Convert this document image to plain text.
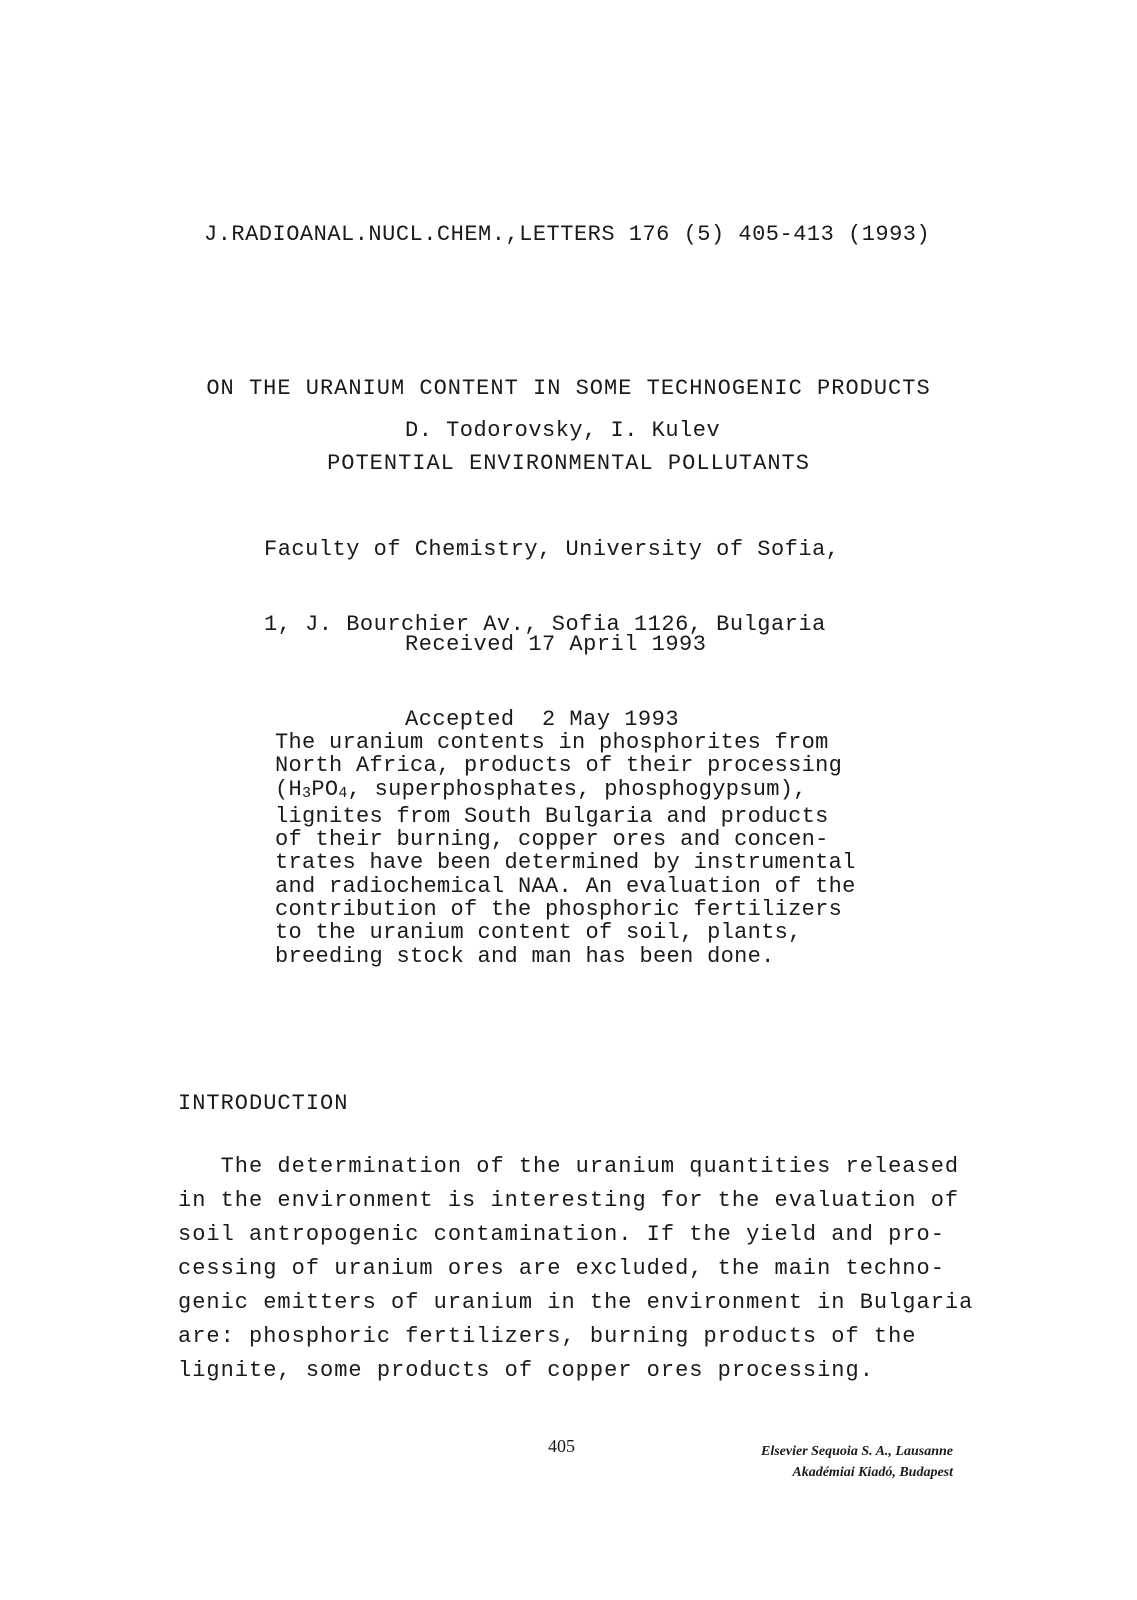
J.RADIOANAL.NUCL.CHEM.,LETTERS 176 (5) 405-413 (1993)

ON THE URANIUM CONTENT IN SOME TECHNOGENIC PRODUCTS

POTENTIAL ENVIRONMENTAL POLLUTANTS

D. Todorovsky, I. Kulev

Faculty of Chemistry, University of Sofia,

1, J. Bourchier Av., Sofia 1126, Bulgaria

Received 17 April 1993

Accepted  2 May 1993

The uranium contents in phosphorites from
North Africa, products of their processing
($H_3PO_4$, superphosphates, phosphogypsum),
lignites from South Bulgaria and products
of their burning, copper ores and concen-
trates have been determined by instrumental
and radiochemical NAA. An evaluation of the
contribution of the phosphoric fertilizers
to the uranium content of soil, plants,
breeding stock and man has been done.
INTRODUCTION
The determination of the uranium quantities released
in the environment is interesting for the evaluation of
soil antropogenic contamination. If the yield and pro-
cessing of uranium ores are excluded, the main techno-
genic emitters of uranium in the environment in Bulgaria
are: phosphoric fertilizers, burning products of the
lignite, some products of copper ores processing.
405	Elsevier Sequoia S. A., Lausanne
Akadémiai Kiadó, Budapest
